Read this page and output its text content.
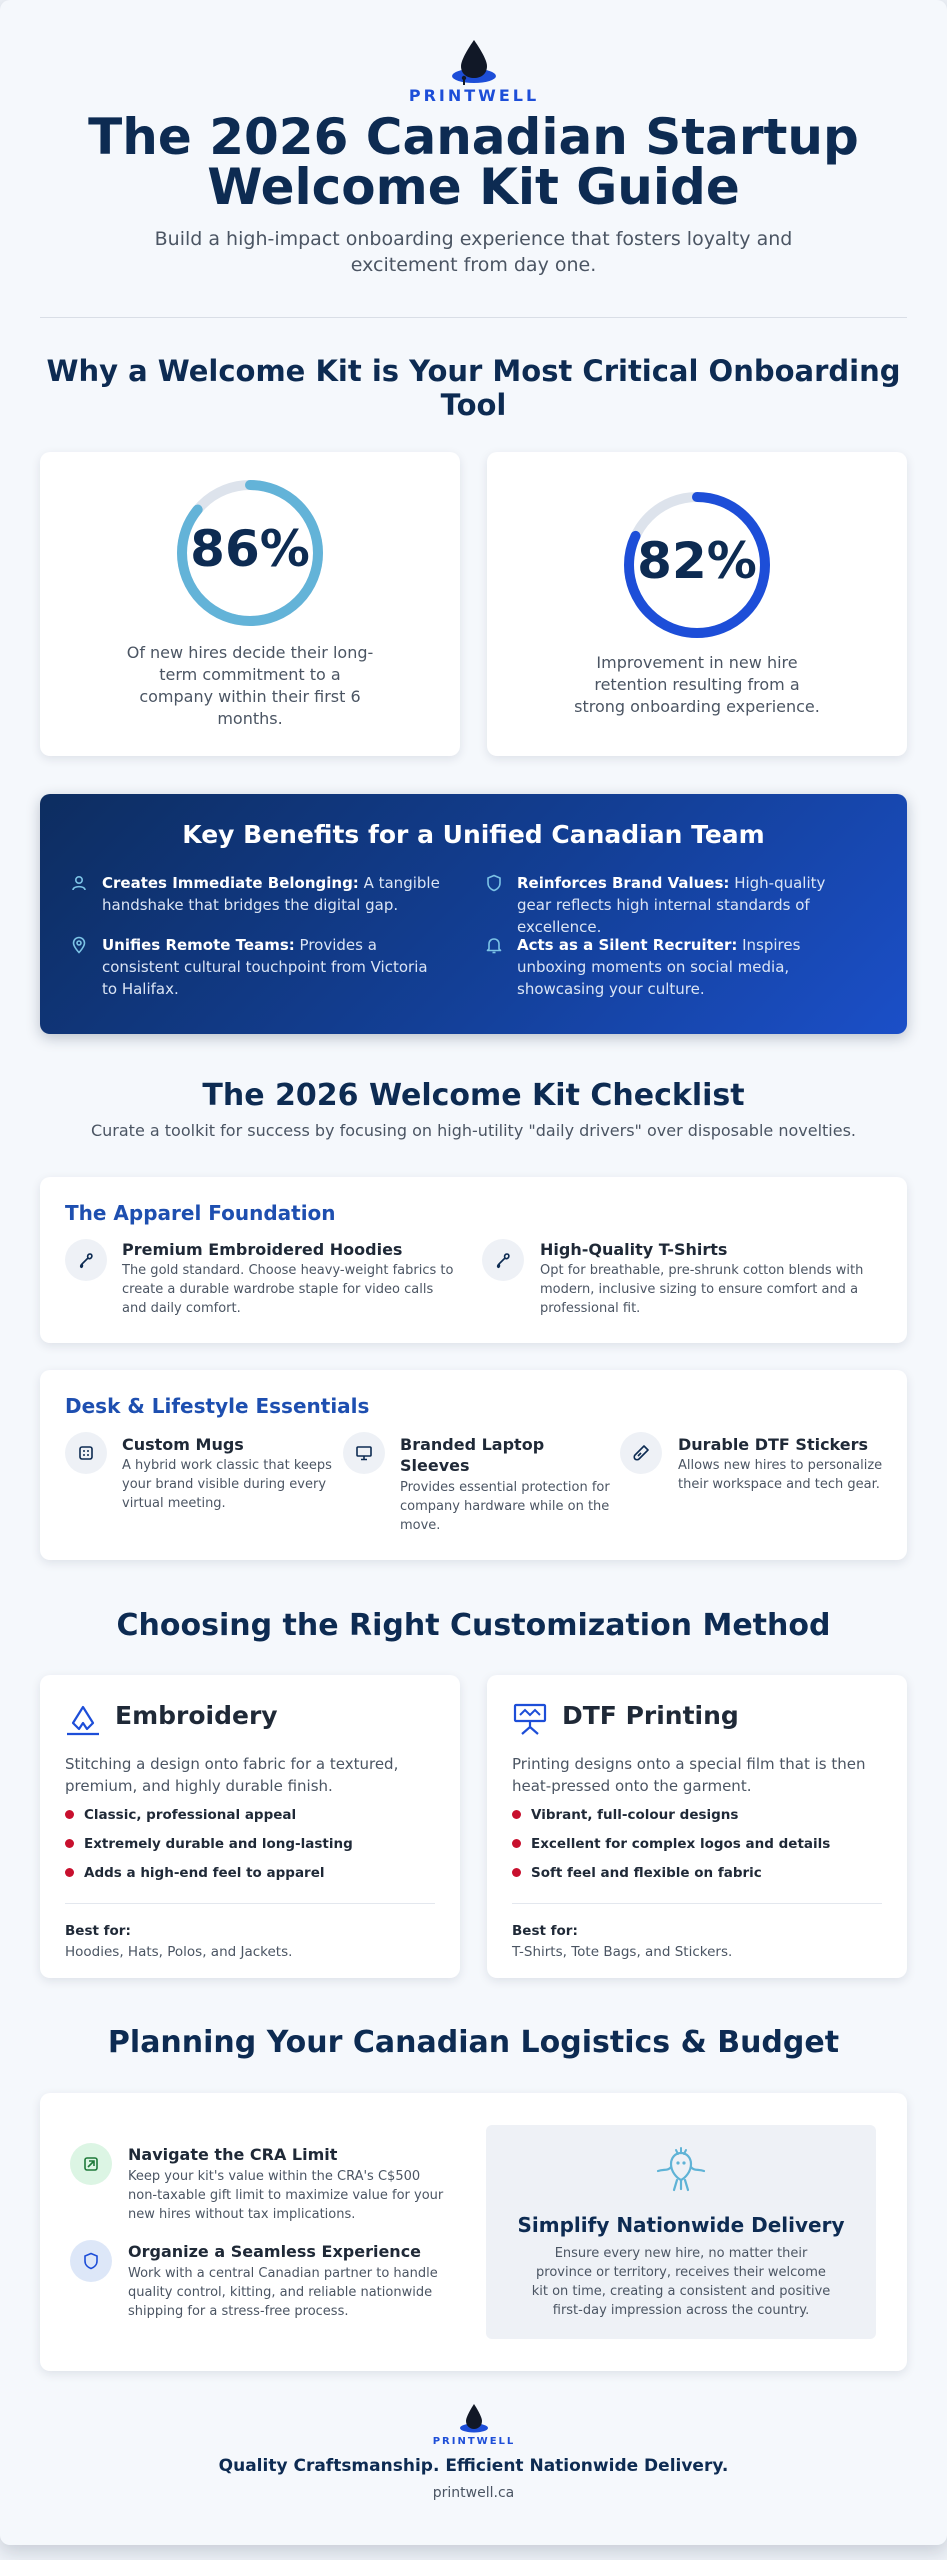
PRINTWELL
The 2026 Canadian Startup Welcome Kit Guide
Build a high-impact onboarding experience that fosters loyalty and excitement from day one.
Why a Welcome Kit is Your Most Critical Onboarding Tool
86%
Of new hires decide their long-term commitment to a company within their first 6 months.
82%
Improvement in new hire retention resulting from a strong onboarding experience.
Key Benefits for a Unified Canadian Team
Creates Immediate Belonging: A tangible handshake that bridges the digital gap.
Reinforces Brand Values: High-quality gear reflects high internal standards of excellence.
Unifies Remote Teams: Provides a consistent cultural touchpoint from Victoria to Halifax.
Acts as a Silent Recruiter: Inspires unboxing moments on social media, showcasing your culture.
The 2026 Welcome Kit Checklist
Curate a toolkit for success by focusing on high-utility "daily drivers" over disposable novelties.
The Apparel Foundation
Premium Embroidered Hoodies
The gold standard. Choose heavy-weight fabrics to create a durable wardrobe staple for video calls and daily comfort.
High-Quality T-Shirts
Opt for breathable, pre-shrunk cotton blends with modern, inclusive sizing to ensure comfort and a professional fit.
Desk & Lifestyle Essentials
Custom Mugs
A hybrid work classic that keeps your brand visible during every virtual meeting.
Branded Laptop Sleeves
Provides essential protection for company hardware while on the move.
Durable DTF Stickers
Allows new hires to personalize their workspace and tech gear.
Choosing the Right Customization Method
Embroidery
Stitching a design onto fabric for a textured, premium, and highly durable finish.
Classic, professional appeal
Extremely durable and long-lasting
Adds a high-end feel to apparel
Best for:
Hoodies, Hats, Polos, and Jackets.
DTF Printing
Printing designs onto a special film that is then heat-pressed onto the garment.
Vibrant, full-colour designs
Excellent for complex logos and details
Soft feel and flexible on fabric
Best for:
T-Shirts, Tote Bags, and Stickers.
Planning Your Canadian Logistics & Budget
Navigate the CRA Limit
Keep your kit's value within the CRA's C$500 non-taxable gift limit to maximize value for your new hires without tax implications.
Organize a Seamless Experience
Work with a central Canadian partner to handle quality control, kitting, and reliable nationwide shipping for a stress-free process.
Simplify Nationwide Delivery
Ensure every new hire, no matter their province or territory, receives their welcome kit on time, creating a consistent and positive first-day impression across the country.
PRINTWELL
Quality Craftsmanship. Efficient Nationwide Delivery.
printwell.ca
